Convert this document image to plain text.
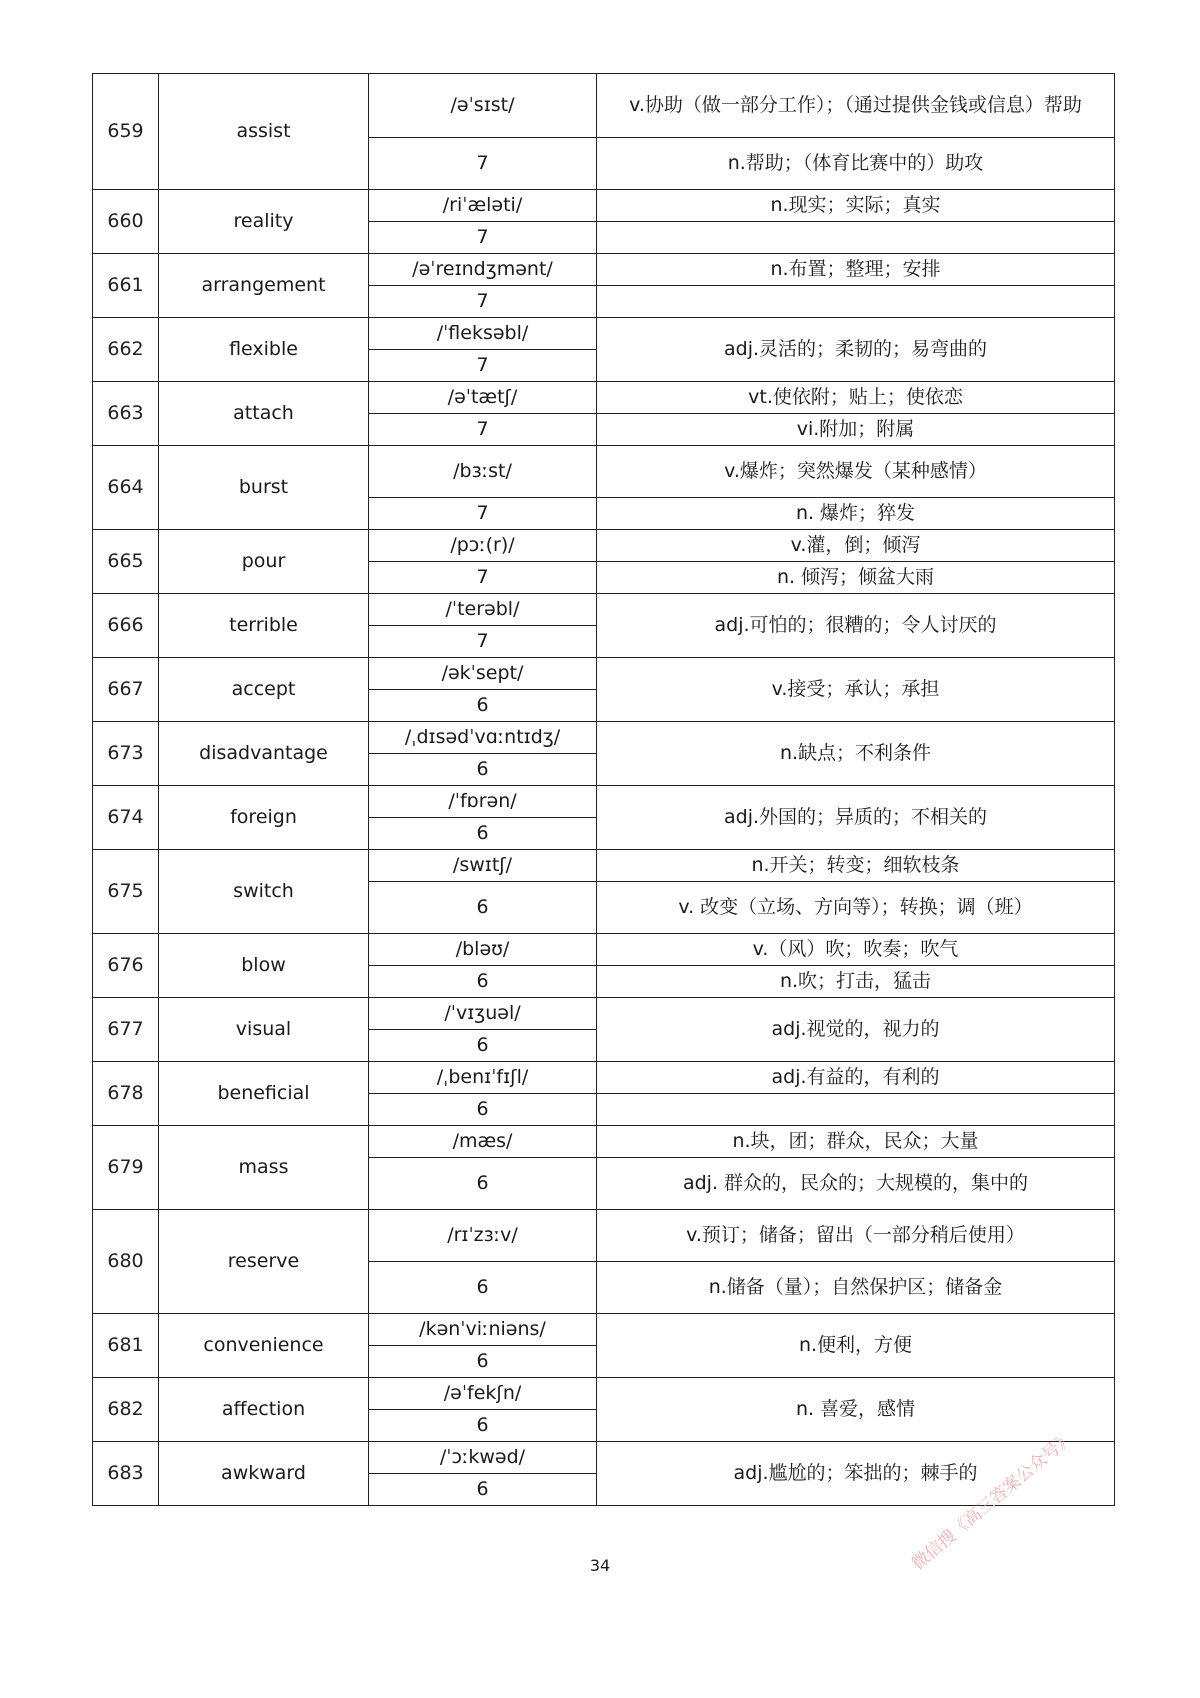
659	assist	/əˈsɪst/	v.协助（做一部分工作）；（通过提供金钱或信息）帮助
		7	n.帮助；（体育比赛中的）助攻
660	reality	/riˈæləti/	n.现实；实际；真实
		7	
661	arrangement	/əˈreɪndʒmənt/	n.布置；整理；安排
		7	
662	flexible	/ˈfleksəbl/	adj.灵活的；柔韧的；易弯曲的
		7	
663	attach	/əˈtætʃ/	vt.使依附；贴上；使依恋
		7	vi.附加；附属
664	burst	/bɜːst/	v.爆炸；突然爆发（某种感情）
		7	n. 爆炸；猝发
665	pour	/pɔː(r)/	v.灌，倒；倾泻
		7	n. 倾泻；倾盆大雨
666	terrible	/ˈterəbl/	adj.可怕的；很糟的；令人讨厌的
		7	
667	accept	/əkˈsept/	v.接受；承认；承担
		6	
673	disadvantage	/ˌdɪsədˈvɑːntɪdʒ/	n.缺点；不利条件
		6	
674	foreign	/ˈfɒrən/	adj.外国的；异质的；不相关的
		6	
675	switch	/swɪtʃ/	n.开关；转变；细软枝条
		6	v. 改变（立场、方向等）；转换；调（班）
676	blow	/bləʊ/	v.（风）吹；吹奏；吹气
		6	n.吹；打击，猛击
677	visual	/ˈvɪʒuəl/	adj.视觉的，视力的
		6	
678	beneficial	/ˌbenɪˈfɪʃl/	adj.有益的，有利的
		6	
679	mass	/mæs/	n.块，团；群众，民众；大量
		6	adj. 群众的，民众的；大规模的，集中的
680	reserve	/rɪˈzɜːv/	v.预订；储备；留出（一部分稍后使用）
		6	n.储备（量）；自然保护区；储备金
681	convenience	/kənˈviːniəns/	n.便利，方便
		6	
682	affection	/əˈfekʃn/	n. 喜爱，感情
		6	
683	awkward	/ˈɔːkwəd/	adj.尴尬的；笨拙的；棘手的
		6	
34	微信搜《高三答案公众号》
